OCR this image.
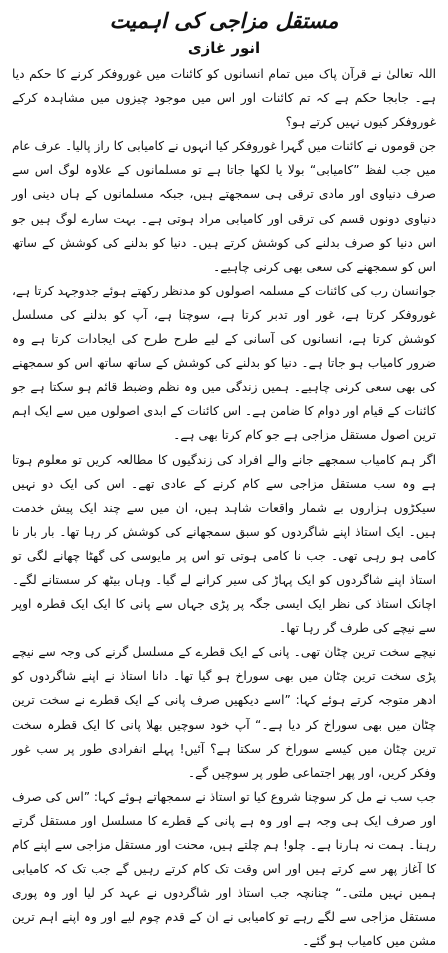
مستقل مزاجی کی اہمیت
انور غازی

اللہ تعالیٰ نے قرآن پاک میں تمام انسانوں کو کائنات میں غوروفکر کرنے کا حکم دیا ہے۔ جابجا حکم ہے کہ تم کائنات اور اس میں موجود چیزوں میں مشاہدہ کرکے غوروفکر کیوں نہیں کرتے ہو؟

جن قوموں نے کائنات میں گہرا غوروفکر کیا انہوں نے کامیابی کا راز پالیا۔ عرف عام میں جب لفظ ”کامیابی“ بولا یا لکھا جاتا ہے تو مسلمانوں کے علاوہ لوگ اس سے صرف دنیاوی اور مادی ترقی ہی سمجھتے ہیں، جبکہ مسلمانوں کے ہاں دینی اور دنیاوی دونوں قسم کی ترقی اور کامیابی مراد ہوتی ہے۔ بہت سارے لوگ ہیں جو اس دنیا کو صرف بدلنے کی کوشش کرتے ہیں۔ دنیا کو بدلنے کی کوشش کے ساتھ اس کو سمجھنے کی سعی بھی کرنی چاہیے۔

جوانسان رب کی کائنات کے مسلمہ اصولوں کو مدنظر رکھتے ہوئے جدوجہد کرتا ہے، غوروفکر کرتا ہے، غور اور تدبر کرتا ہے، سوچتا ہے، آپ کو بدلنے کی مسلسل کوشش کرتا ہے، انسانوں کی آسانی کے لیے طرح طرح کی ایجادات کرتا ہے وہ ضرور کامیاب ہو جاتا ہے۔ دنیا کو بدلنے کی کوشش کے ساتھ ساتھ اس کو سمجھنے کی بھی سعی کرنی چاہیے۔ ہمیں زندگی میں وہ نظم وضبط قائم ہو سکتا ہے جو کائنات کے قیام اور دوام کا ضامن ہے۔ اس کائنات کے ابدی اصولوں میں سے ایک اہم ترین اصول مستقل مزاجی ہے جو کام کرتا بھی ہے۔

اگر ہم کامیاب سمجھے جانے والے افراد کی زندگیوں کا مطالعہ کریں تو معلوم ہوتا ہے وہ سب مستقل مزاجی سے کام کرنے کے عادی تھے۔ اس کی ایک دو نہیں سیکڑوں ہزاروں بے شمار واقعات شاہد ہیں، ان میں سے چند ایک پیش خدمت ہیں۔ ایک استاذ اپنے شاگردوں کو سبق سمجھانے کی کوشش کر رہا تھا۔ بار بار نا کامی ہو رہی تھی۔ جب نا کامی ہوتی تو اس پر مایوسی کی گھٹا چھانے لگی تو استاذ اپنے شاگردوں کو ایک پہاڑ کی سیر کرانے لے گیا۔ وہاں بیٹھ کر سستانے لگے۔ اچانک استاذ کی نظر ایک ایسی جگہ پر پڑی جہاں سے پانی کا ایک ایک قطرہ اوپر سے نیچے کی طرف گر رہا تھا۔

نیچے سخت ترین چٹان تھی۔ پانی کے ایک قطرے کے مسلسل گرنے کی وجہ سے نیچے پڑی سخت ترین چٹان میں بھی سوراخ ہو گیا تھا۔ دانا استاذ نے اپنے شاگردوں کو ادھر متوجہ کرتے ہوئے کہا: ”اسے دیکھیں صرف پانی کے ایک قطرے نے سخت ترین چٹان میں بھی سوراخ کر دیا ہے۔“ آپ خود سوچیں بھلا پانی کا ایک قطرہ سخت ترین چٹان میں کیسے سوراخ کر سکتا ہے؟ آئیں! پہلے انفرادی طور پر سب غور وفکر کریں، اور پھر اجتماعی طور پر سوچیں گے۔

جب سب نے مل کر سوچنا شروع کیا تو استاذ نے سمجھاتے ہوئے کہا: ”اس کی صرف اور صرف ایک ہی وجہ ہے اور وہ ہے پانی کے قطرے کا مسلسل اور مستقل گرتے رہنا۔ ہمت نہ ہارنا ہے۔ چلو! ہم چلتے ہیں، محنت اور مستقل مزاجی سے اپنے کام کا آغاز پھر سے کرتے ہیں اور اس وقت تک کام کرتے رہیں گے جب تک کہ کامیابی ہمیں نہیں ملتی۔“ چنانچہ جب استاذ اور شاگردوں نے عہد کر لیا اور وہ پوری مستقل مزاجی سے لگے رہے تو کامیابی نے ان کے قدم چوم لیے اور وہ اپنے اہم ترین مشن میں کامیاب ہو گئے۔
